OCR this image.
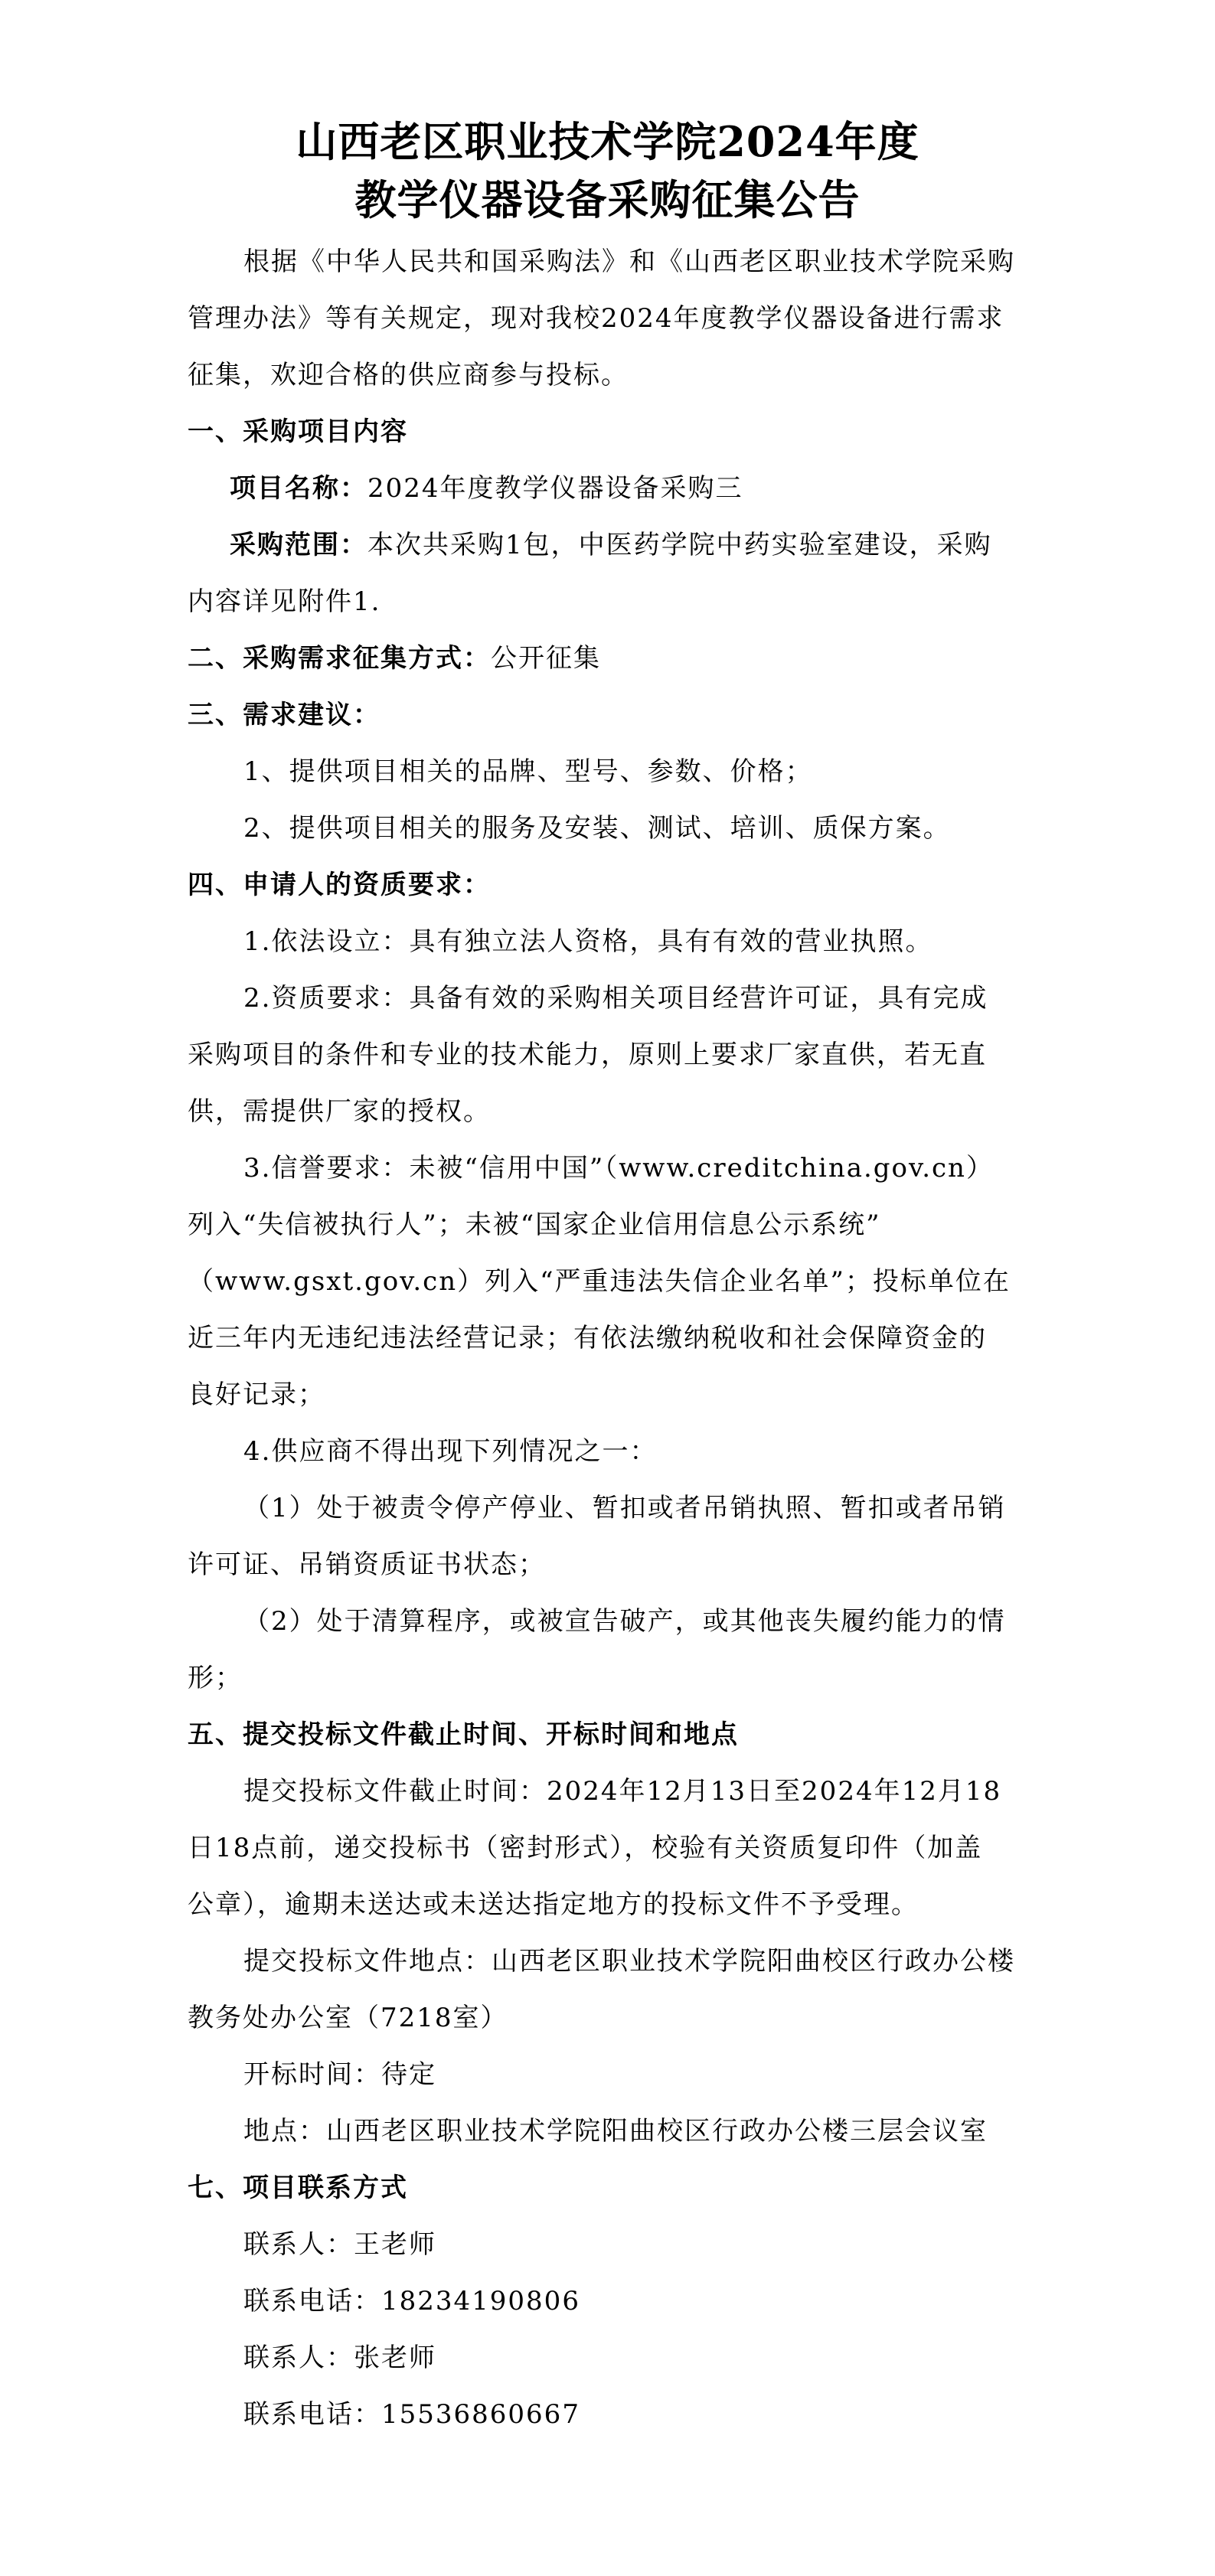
山西老区职业技术学院2024年度
教学仪器设备采购征集公告
根据《中华人民共和国采购法》和《山西老区职业技术学院采购
管理办法》等有关规定，现对我校2024年度教学仪器设备进行需求
征集，欢迎合格的供应商参与投标。
一、采购项目内容
项目名称：2024年度教学仪器设备采购三
采购范围：本次共采购1包，中医药学院中药实验室建设，采购
内容详见附件1.
二、采购需求征集方式：公开征集
三、需求建议：
1、提供项目相关的品牌、型号、参数、价格；
2、提供项目相关的服务及安装、测试、培训、质保方案。
四、申请人的资质要求：
1.依法设立：具有独立法人资格，具有有效的营业执照。
2.资质要求：具备有效的采购相关项目经营许可证，具有完成
采购项目的条件和专业的技术能力，原则上要求厂家直供，若无直
供，需提供厂家的授权。
3.信誉要求：未被“信用中国”（www.creditchina.gov.cn）
列入“失信被执行人”；未被“国家企业信用信息公示系统”
（www.gsxt.gov.cn）列入“严重违法失信企业名单”；投标单位在
近三年内无违纪违法经营记录；有依法缴纳税收和社会保障资金的
良好记录；
4.供应商不得出现下列情况之一：
（1）处于被责令停产停业、暂扣或者吊销执照、暂扣或者吊销
许可证、吊销资质证书状态；
（2）处于清算程序，或被宣告破产，或其他丧失履约能力的情
形；
五、提交投标文件截止时间、开标时间和地点
提交投标文件截止时间：2024年12月13日至2024年12月18
日18点前，递交投标书（密封形式），校验有关资质复印件（加盖
公章），逾期未送达或未送达指定地方的投标文件不予受理。
提交投标文件地点：山西老区职业技术学院阳曲校区行政办公楼
教务处办公室（7218室）
开标时间：待定
地点：山西老区职业技术学院阳曲校区行政办公楼三层会议室
七、项目联系方式
联系人：王老师
联系电话：18234190806
联系人：张老师
联系电话：15536860667
